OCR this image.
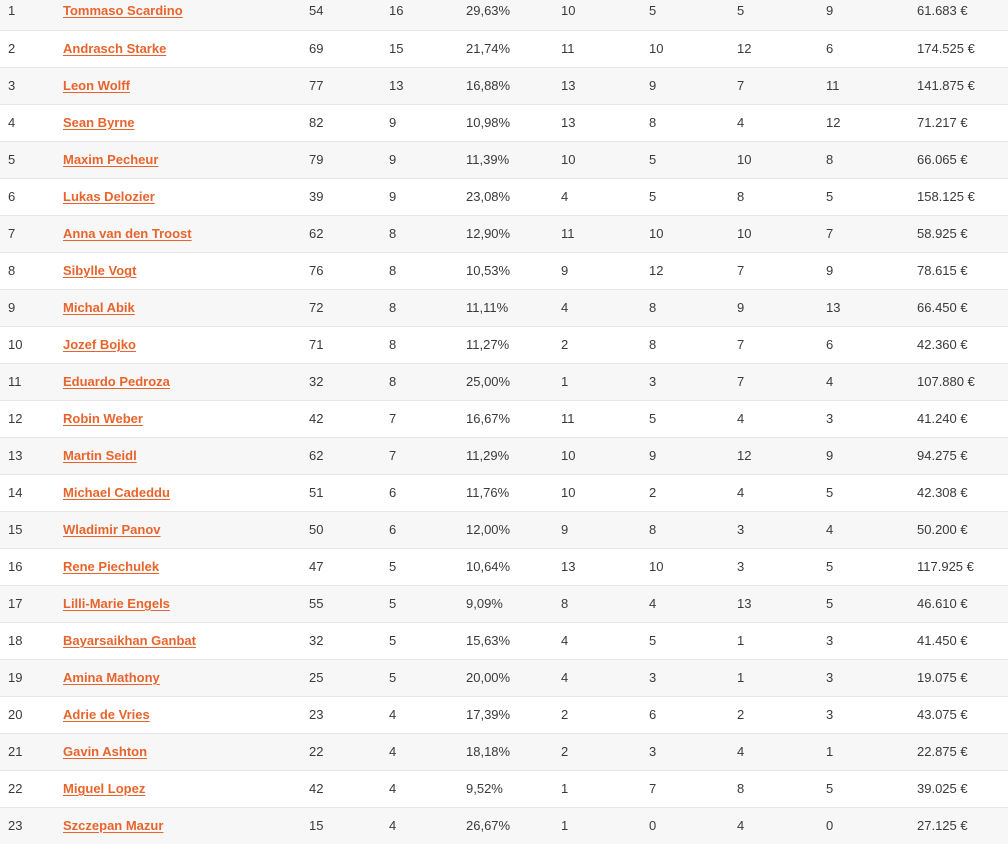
1	Tommaso Scardino	54	16	29,63%	10	5	5	9	61.683 €
2	Andrasch Starke	69	15	21,74%	11	10	12	6	174.525 €
3	Leon Wolff	77	13	16,88%	13	9	7	11	141.875 €
4	Sean Byrne	82	9	10,98%	13	8	4	12	71.217 €
5	Maxim Pecheur	79	9	11,39%	10	5	10	8	66.065 €
6	Lukas Delozier	39	9	23,08%	4	5	8	5	158.125 €
7	Anna van den Troost	62	8	12,90%	11	10	10	7	58.925 €
8	Sibylle Vogt	76	8	10,53%	9	12	7	9	78.615 €
9	Michal Abik	72	8	11,11%	4	8	9	13	66.450 €
10	Jozef Bojko	71	8	11,27%	2	8	7	6	42.360 €
11	Eduardo Pedroza	32	8	25,00%	1	3	7	4	107.880 €
12	Robin Weber	42	7	16,67%	11	5	4	3	41.240 €
13	Martin Seidl	62	7	11,29%	10	9	12	9	94.275 €
14	Michael Cadeddu	51	6	11,76%	10	2	4	5	42.308 €
15	Wladimir Panov	50	6	12,00%	9	8	3	4	50.200 €
16	Rene Piechulek	47	5	10,64%	13	10	3	5	117.925 €
17	Lilli-Marie Engels	55	5	9,09%	8	4	13	5	46.610 €
18	Bayarsaikhan Ganbat	32	5	15,63%	4	5	1	3	41.450 €
19	Amina Mathony	25	5	20,00%	4	3	1	3	19.075 €
20	Adrie de Vries	23	4	17,39%	2	6	2	3	43.075 €
21	Gavin Ashton	22	4	18,18%	2	3	4	1	22.875 €
22	Miguel Lopez	42	4	9,52%	1	7	8	5	39.025 €
23	Szczepan Mazur	15	4	26,67%	1	0	4	0	27.125 €
